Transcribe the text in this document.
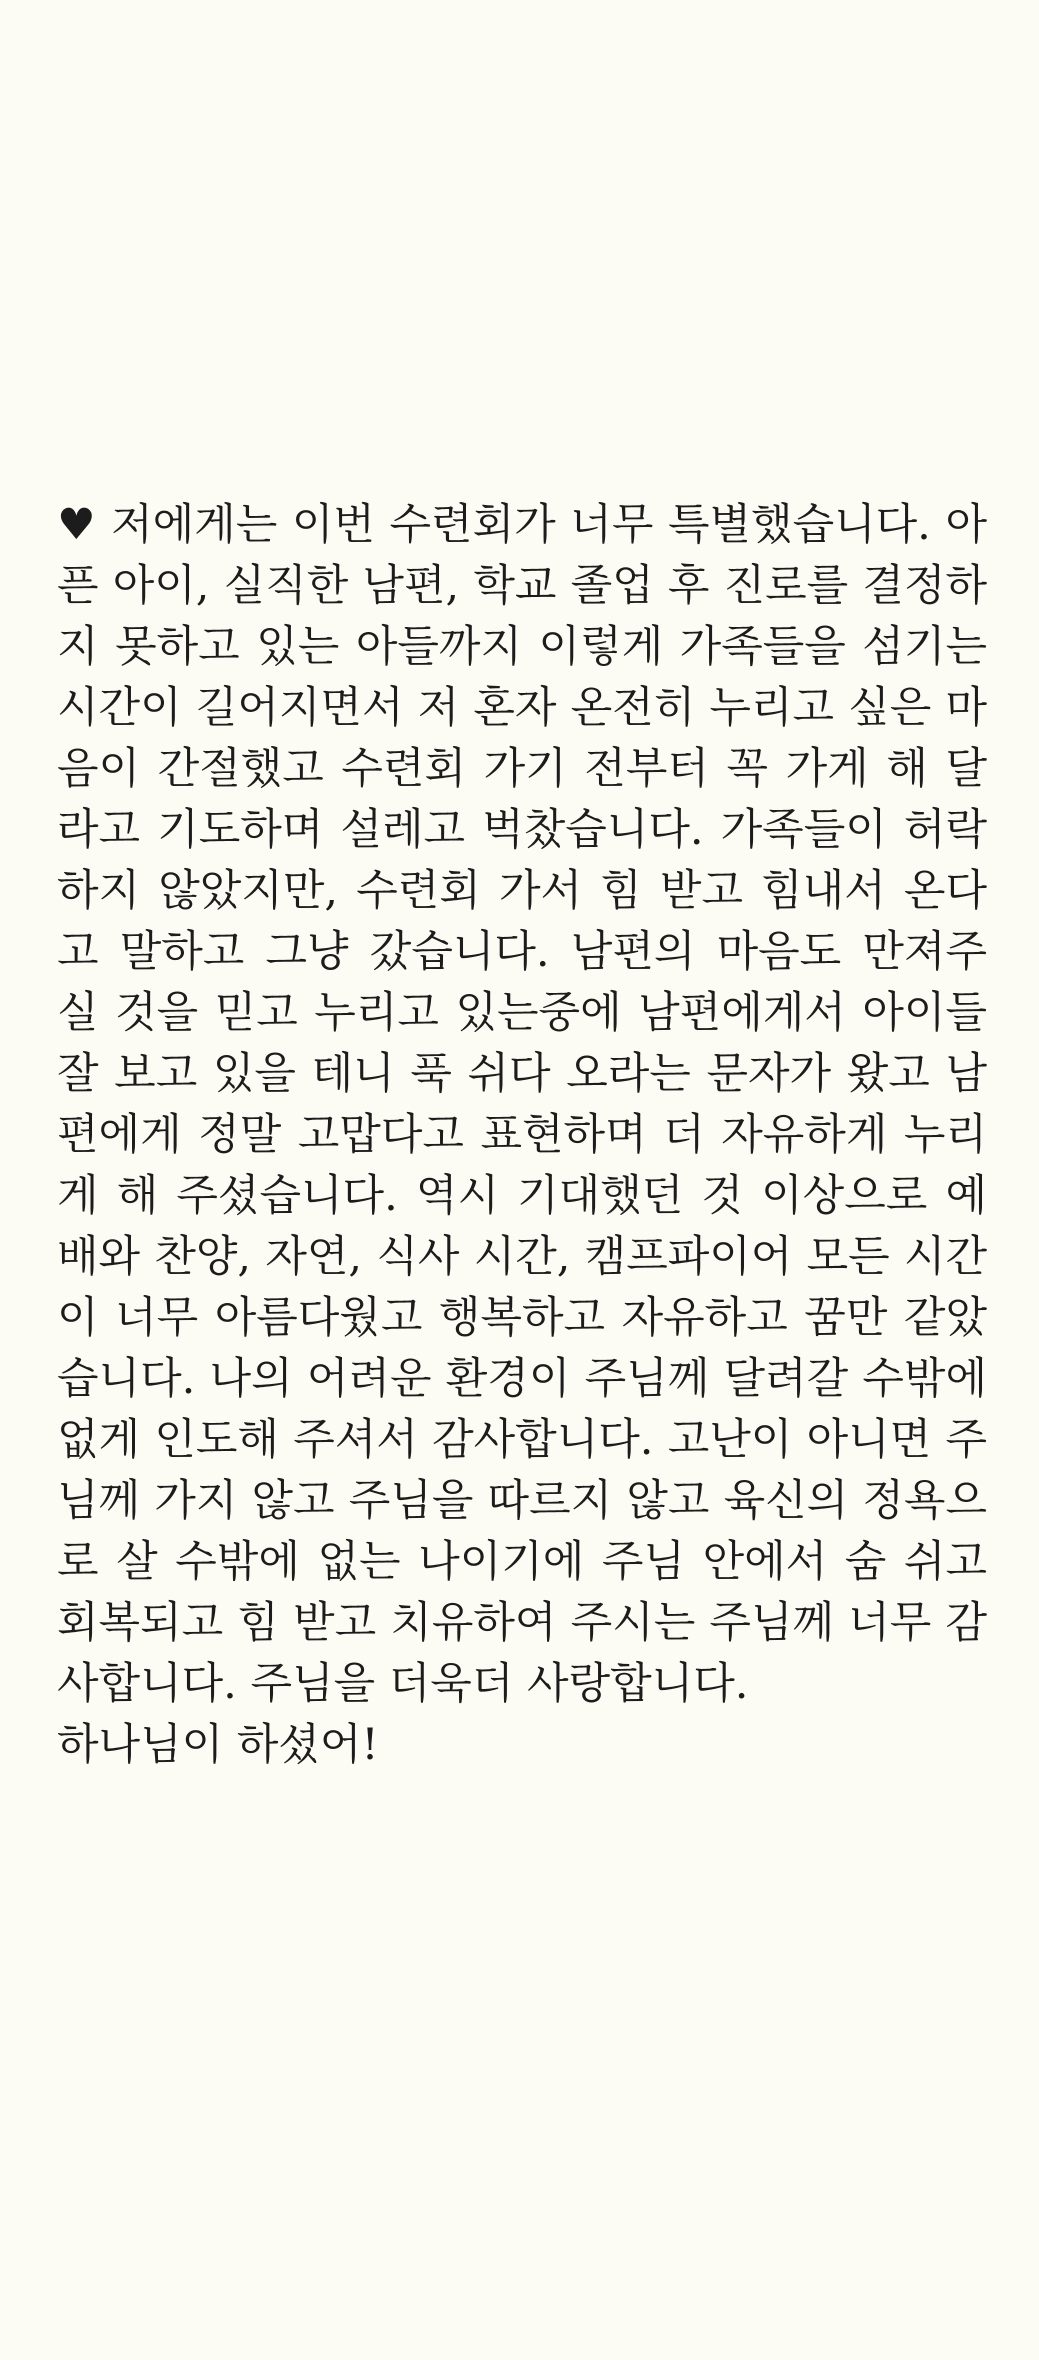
♥ 저에게는 이번 수련회가 너무 특별했습니다. 아
픈 아이, 실직한 남편, 학교 졸업 후 진로를 결정하
지 못하고 있는 아들까지 이렇게 가족들을 섬기는
시간이 길어지면서 저 혼자 온전히 누리고 싶은 마
음이 간절했고 수련회 가기 전부터 꼭 가게 해 달
라고 기도하며 설레고 벅찼습니다. 가족들이 허락
하지 않았지만, 수련회 가서 힘 받고 힘내서 온다
고 말하고 그냥 갔습니다. 남편의 마음도 만져주
실 것을 믿고 누리고 있는중에 남편에게서 아이들
잘 보고 있을 테니 푹 쉬다 오라는 문자가 왔고 남
편에게 정말 고맙다고 표현하며 더 자유하게 누리
게 해 주셨습니다. 역시 기대했던 것 이상으로 예
배와 찬양, 자연, 식사 시간, 캠프파이어 모든 시간
이 너무 아름다웠고 행복하고 자유하고 꿈만 같았
습니다. 나의 어려운 환경이 주님께 달려갈 수밖에
없게 인도해 주셔서 감사합니다. 고난이 아니면 주
님께 가지 않고 주님을 따르지 않고 육신의 정욕으
로 살 수밖에 없는 나이기에 주님 안에서 숨 쉬고
회복되고 힘 받고 치유하여 주시는 주님께 너무 감
사합니다. 주님을 더욱더 사랑합니다.
하나님이 하셨어!
